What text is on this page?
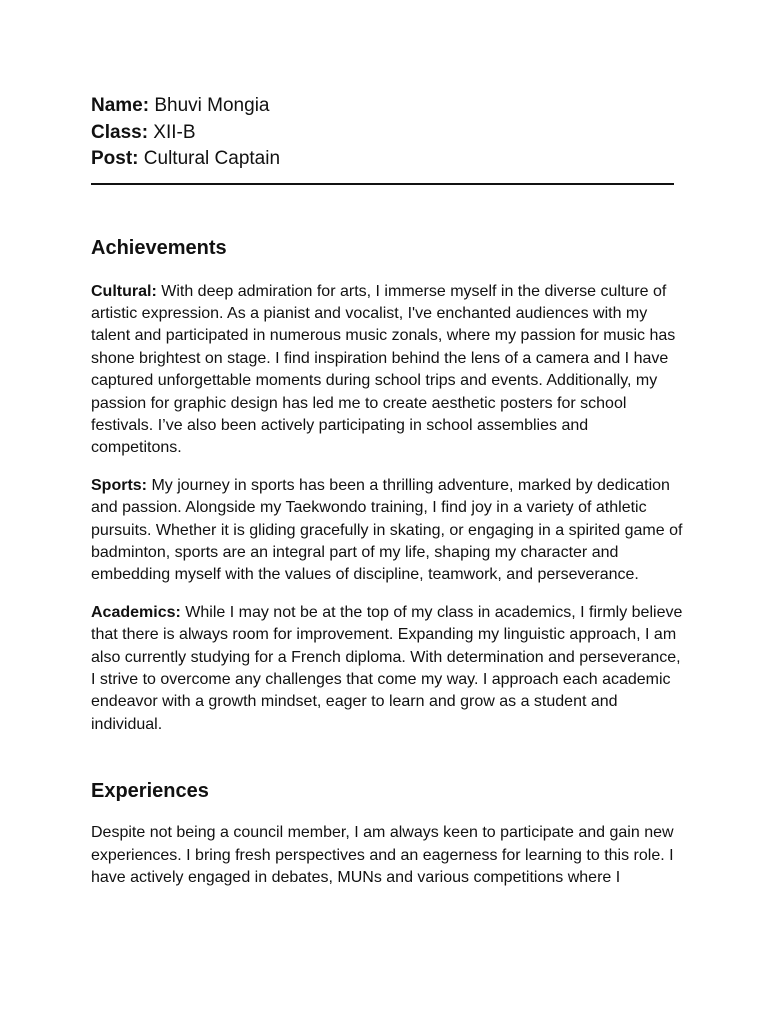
Name: Bhuvi Mongia
Class: XII-B
Post: Cultural Captain
Achievements

Cultural: With deep admiration for arts, I immerse myself in the diverse culture of artistic expression. As a pianist and vocalist, I've enchanted audiences with my talent and participated in numerous music zonals, where my passion for music has shone brightest on stage. I find inspiration behind the lens of a camera and I have captured unforgettable moments during school trips and events. Additionally, my passion for graphic design has led me to create aesthetic posters for school festivals. I’ve also been actively participating in school assemblies and competitons.

Sports: My journey in sports has been a thrilling adventure, marked by dedication and passion. Alongside my Taekwondo training, I find joy in a variety of athletic pursuits. Whether it is gliding gracefully in skating, or engaging in a spirited game of badminton, sports are an integral part of my life, shaping my character and embedding myself with the values of discipline, teamwork, and perseverance.

Academics: While I may not be at the top of my class in academics, I firmly believe that there is always room for improvement. Expanding my linguistic approach, I am also currently studying for a French diploma. With determination and perseverance, I strive to overcome any challenges that come my way. I approach each academic endeavor with a growth mindset, eager to learn and grow as a student and individual.

Experiences

Despite not being a council member, I am always keen to participate and gain new experiences. I bring fresh perspectives and an eagerness for learning to this role. I have actively engaged in debates, MUNs and various competitions where I
